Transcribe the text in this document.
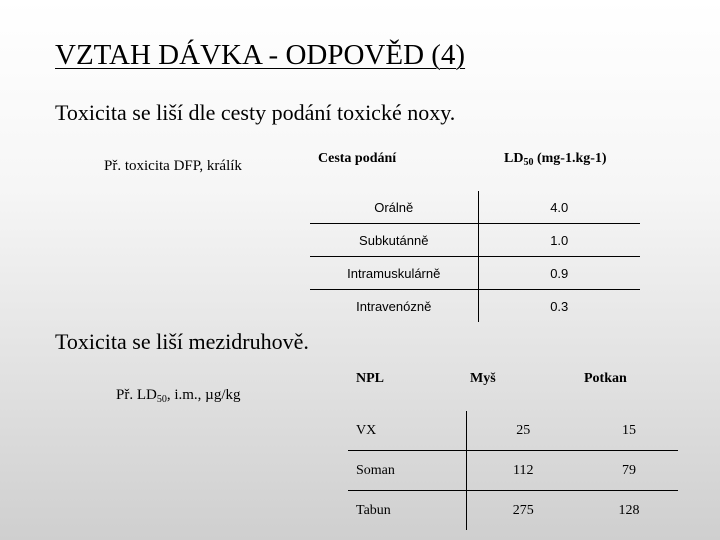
VZTAH DÁVKA - ODPOVĚD (4)
Toxicita se liší dle cesty podání toxické noxy.
Př. toxicita DFP, králík	Cesta podání	$LD_{50}$ (mg-1.kg-1)
Orálně	4.0
Subkutánně	1.0
Intramuskulárně	0.9
Intravenózně	0.3
Toxicita se liší mezidruhově.
Př. $LD_{50}$, i.m., µg/kg
NPL	Myš	Potkan
VX	25	15
Soman	112	79
Tabun	275	128
